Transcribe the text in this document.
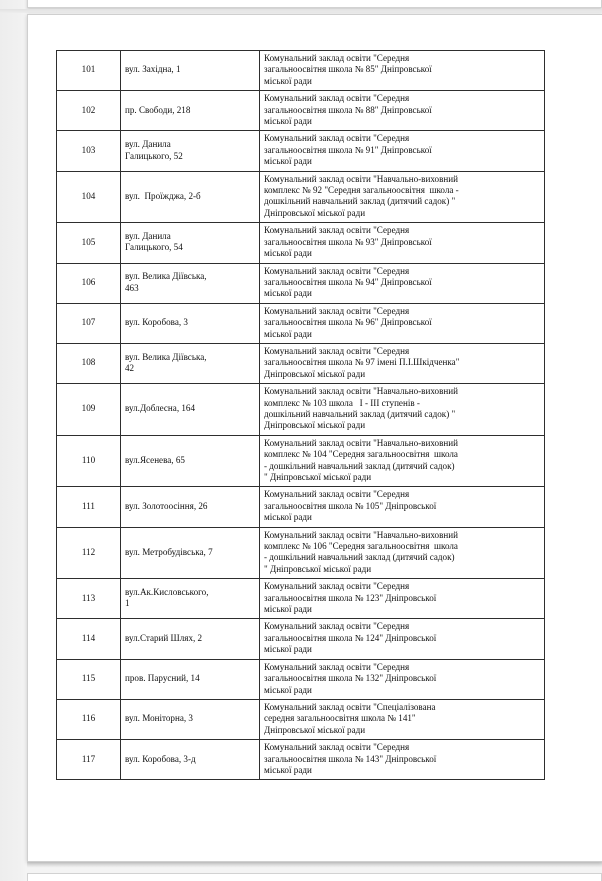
101	вул. Західна, 1	Комунальний заклад освіти "Середня
загальноосвітня школа № 85" Дніпровської
міської ради

102	пр. Свободи, 218	Комунальний заклад освіти "Середня
загальноосвітня школа № 88" Дніпровської
міської ради

103	вул. Данила
Галицького, 52	Комунальний заклад освіти "Середня
загальноосвітня школа № 91" Дніпровської
міської ради

104	вул.  Проїжджа, 2-б	Комунальний заклад освіти "Навчально-виховний
комплекс № 92 "Середня загальноосвітня  школа -
дошкільний навчальний заклад (дитячий садок) "
Дніпровської міської ради

105	вул. Данила
Галицького, 54	Комунальний заклад освіти "Середня
загальноосвітня школа № 93" Дніпровської
міської ради

106	вул. Велика Діївська,
463	Комунальний заклад освіти "Середня
загальноосвітня школа № 94" Дніпровської
міської ради

107	вул. Коробова, 3	Комунальний заклад освіти "Середня
загальноосвітня школа № 96" Дніпровської
міської ради

108	вул. Велика Діївська,
42	Комунальний заклад освіти "Середня
загальноосвітня школа № 97 імені П.І.Шкідченка"
Дніпровської міської ради

109	вул.Доблесна, 164	Комунальний заклад освіти "Навчально-виховний
комплекс № 103 школа   І - ІІІ ступенів -
дошкільний навчальний заклад (дитячий садок) "
Дніпровської міської ради

110	вул.Ясенева, 65	Комунальний заклад освіти "Навчально-виховний
комплекс № 104 "Середня загальноосвітня  школа
- дошкільний навчальний заклад (дитячий садок)
" Дніпровської міської ради

111	вул. Золотоосіння, 26	Комунальний заклад освіти "Середня
загальноосвітня школа № 105" Дніпровської
міської ради

112	вул. Метробудівська, 7	Комунальний заклад освіти "Навчально-виховний
комплекс № 106 "Середня загальноосвітня  школа
- дошкільний навчальний заклад (дитячий садок)
" Дніпровської міської ради

113	вул.Ак.Кисловського,
1	Комунальний заклад освіти "Середня
загальноосвітня школа № 123" Дніпровської
міської ради

114	вул.Старий Шлях, 2	Комунальний заклад освіти "Середня
загальноосвітня школа № 124" Дніпровської
міської ради

115	пров. Парусний, 14	Комунальний заклад освіти "Середня
загальноосвітня школа № 132" Дніпровської
міської ради

116	вул. Моніторна, 3	Комунальний заклад освіти "Спеціалізована
середня загальноосвітня школа № 141"
Дніпровської міської ради

117	вул. Коробова, 3-д	Комунальний заклад освіти "Середня
загальноосвітня школа № 143" Дніпровської
міської ради
